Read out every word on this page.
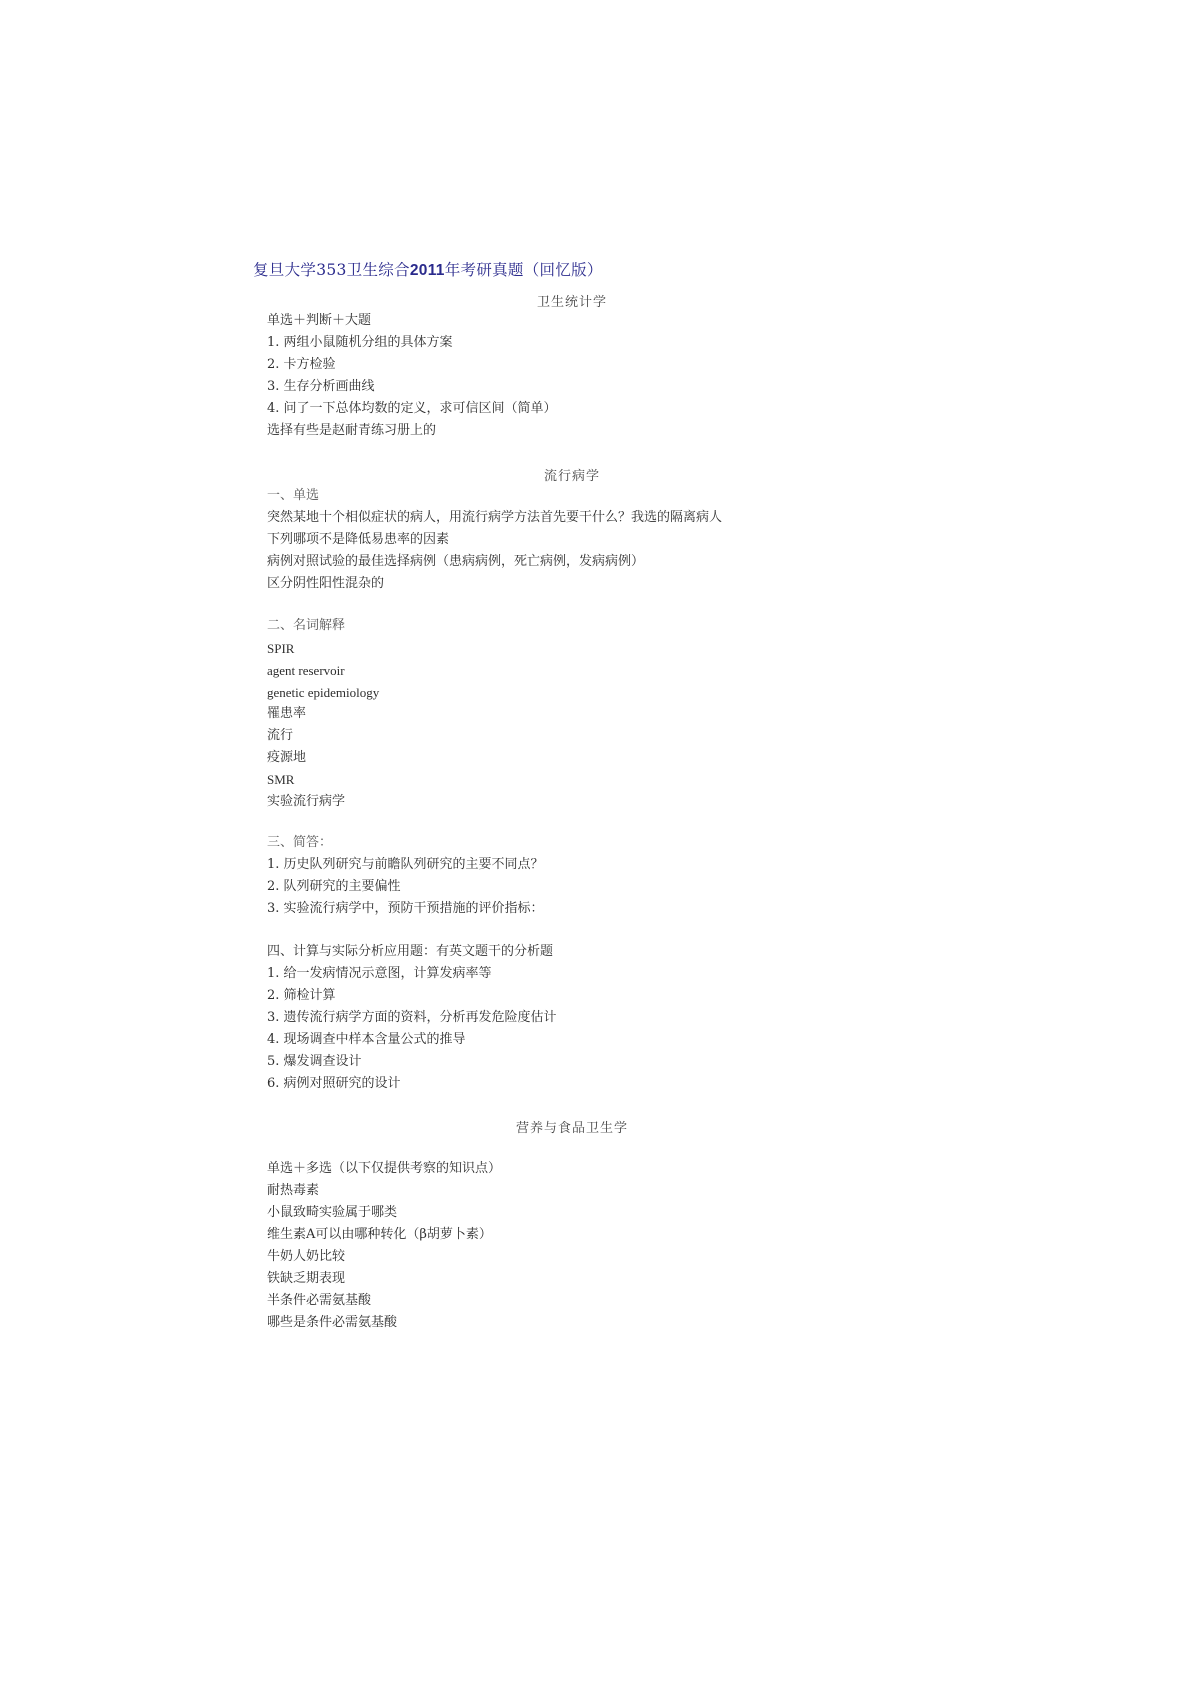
复旦大学353卫生综合2011年考研真题（回忆版）
卫生统计学
单选＋判断＋大题
1. 两组小鼠随机分组的具体方案
2. 卡方检验
3. 生存分析画曲线
4. 问了一下总体均数的定义，求可信区间（简单）
选择有些是赵耐青练习册上的
流行病学
一、单选
突然某地十个相似症状的病人，用流行病学方法首先要干什么？我选的隔离病人
下列哪项不是降低易患率的因素
病例对照试验的最佳选择病例（患病病例，死亡病例，发病病例）
区分阴性阳性混杂的
二、名词解释
SPIR
agent reservoir
genetic epidemiology
罹患率
流行
疫源地
SMR
实验流行病学
三、简答：
1. 历史队列研究与前瞻队列研究的主要不同点？
2. 队列研究的主要偏性
3. 实验流行病学中，预防干预措施的评价指标：
四、计算与实际分析应用题：有英文题干的分析题
1. 给一发病情况示意图，计算发病率等
2. 筛检计算
3. 遗传流行病学方面的资料，分析再发危险度估计
4. 现场调查中样本含量公式的推导
5. 爆发调查设计
6. 病例对照研究的设计
营养与食品卫生学
单选＋多选（以下仅提供考察的知识点）
耐热毒素
小鼠致畸实验属于哪类
维生素A可以由哪种转化（β胡萝卜素）
牛奶人奶比较
铁缺乏期表现
半条件必需氨基酸
哪些是条件必需氨基酸
